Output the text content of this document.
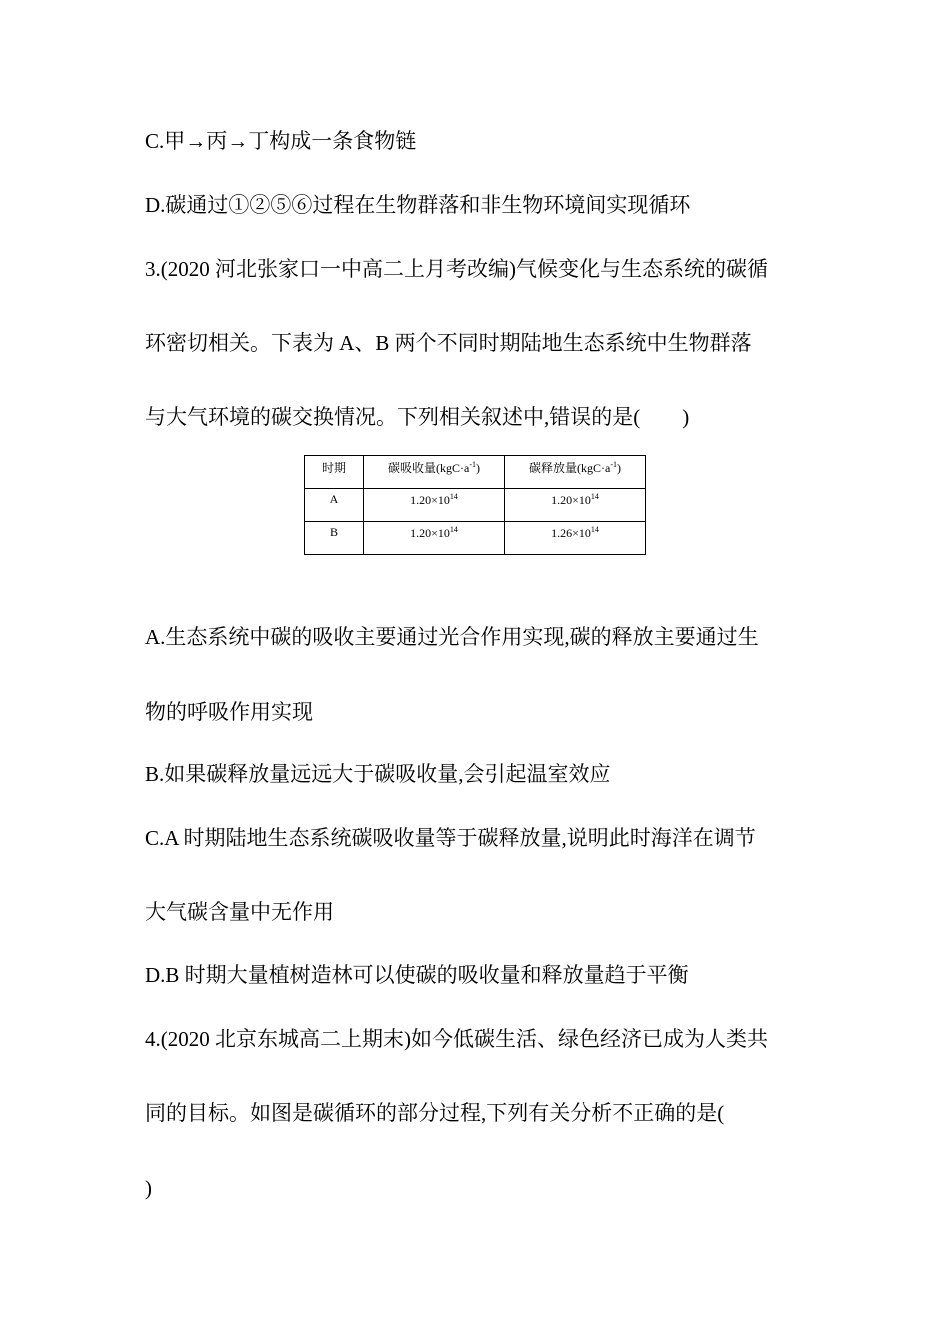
C.甲→丙→丁构成一条食物链
D.碳通过①②⑤⑥过程在生物群落和非生物环境间实现循环
3.(2020 河北张家口一中高二上月考改编)气候变化与生态系统的碳循
环密切相关。下表为 A、B 两个不同时期陆地生态系统中生物群落
与大气环境的碳交换情况。下列相关叙述中,错误的是(　　)
时期	碳吸收量$(kgC\cdot a^{-1})$	碳释放量$(kgC\cdot a^{-1})$
A	$1.20\times 10^{14}$	$1.20\times 10^{14}$
B	$1.20\times 10^{14}$	$1.26\times 10^{14}$
A.生态系统中碳的吸收主要通过光合作用实现,碳的释放主要通过生
物的呼吸作用实现
B.如果碳释放量远远大于碳吸收量,会引起温室效应
C.A 时期陆地生态系统碳吸收量等于碳释放量,说明此时海洋在调节
大气碳含量中无作用
D.B 时期大量植树造林可以使碳的吸收量和释放量趋于平衡
4.(2020 北京东城高二上期末)如今低碳生活、绿色经济已成为人类共
同的目标。如图是碳循环的部分过程,下列有关分析不正确的是(
)
